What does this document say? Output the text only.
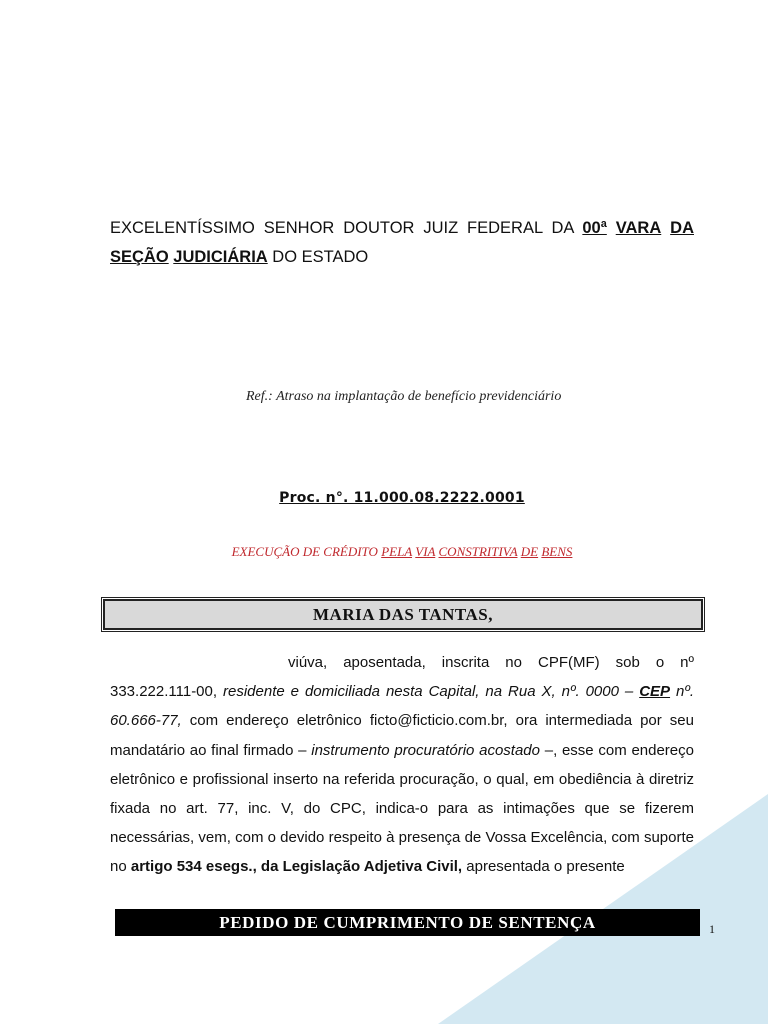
EXCELENTÍSSIMO SENHOR DOUTOR JUIZ FEDERAL DA 00ª VARA DA SEÇÃO JUDICIÁRIA DO ESTADO
Ref.: Atraso na implantação de benefício previdenciário
Proc. n°. 11.000.08.2222.0001
EXECUÇÃO DE CRÉDITO PELA VIA CONSTRITIVA DE BENS
MARIA DAS TANTAS,
viúva, aposentada, inscrita no CPF(MF) sob o nº 333.222.111-00, residente e domiciliada nesta Capital, na Rua X, nº. 0000 – CEP nº. 60.666-77, com endereço eletrônico ficto@ficticio.com.br, ora intermediada por seu mandatário ao final firmado – instrumento procuratório acostado –, esse com endereço eletrônico e profissional inserto na referida procuração, o qual, em obediência à diretriz fixada no art. 77, inc. V, do CPC, indica-o para as intimações que se fizerem necessárias, vem, com o devido respeito à presença de Vossa Excelência, com suporte no artigo 534 esegs., da Legislação Adjetiva Civil, apresentada o presente
PEDIDO DE CUMPRIMENTO DE SENTENÇA	1
